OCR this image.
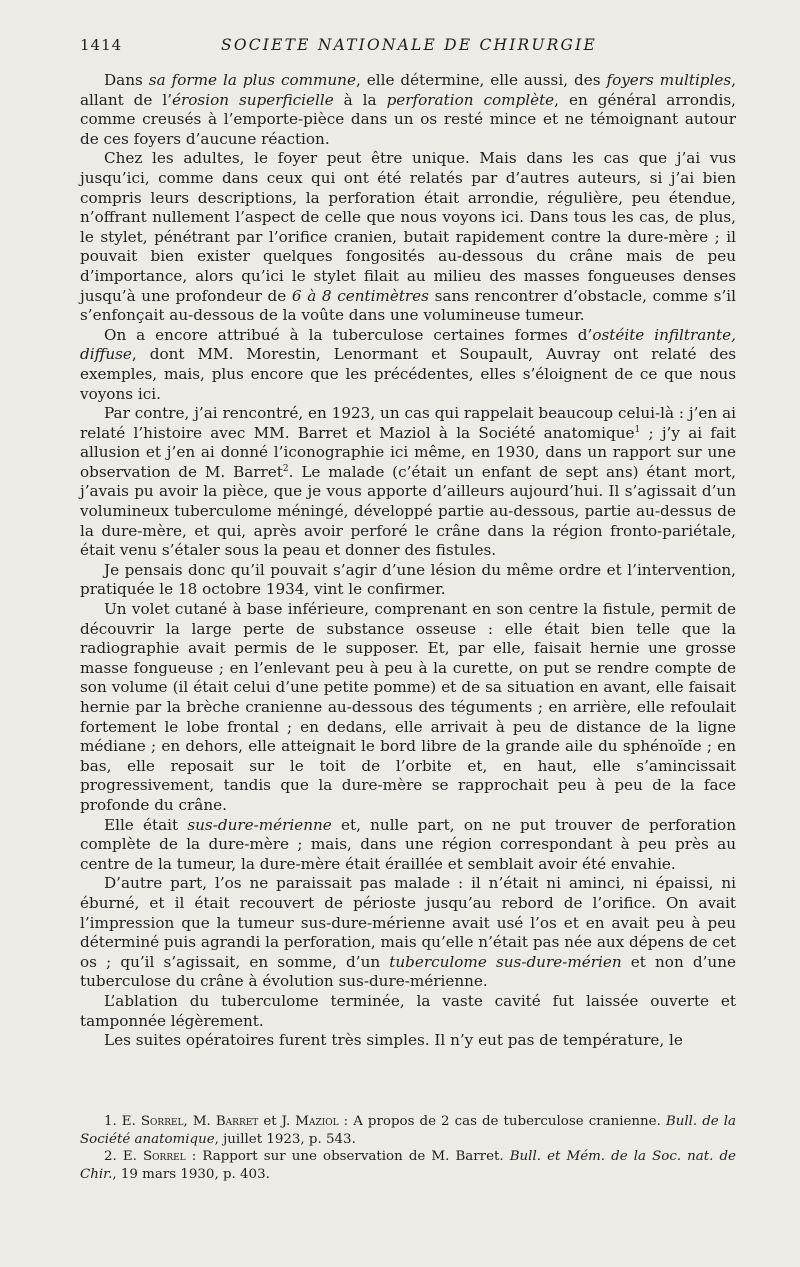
1414	SOCIETE NATIONALE DE CHIRURGIE

Dans sa forme la plus commune, elle détermine, elle aussi, des foyers multiples, allant de l’érosion superficielle à la perforation complète, en général arrondis, comme creusés à l’emporte-pièce dans un os resté mince et ne témoignant autour de ces foyers d’aucune réaction.

Chez les adultes, le foyer peut être unique. Mais dans les cas que j’ai vus jusqu’ici, comme dans ceux qui ont été relatés par d’autres auteurs, si j’ai bien compris leurs descriptions, la perforation était arrondie, régulière, peu étendue, n’offrant nullement l’aspect de celle que nous voyons ici. Dans tous les cas, de plus, le stylet, pénétrant par l’orifice cranien, butait rapidement contre la dure-mère ; il pouvait bien exister quelques fongosités au-dessous du crâne mais de peu d’importance, alors qu’ici le stylet filait au milieu des masses fongueuses denses jusqu’à une profondeur de 6 à 8 centimètres sans rencontrer d’obstacle, comme s’il s’enfonçait au-dessous de la voûte dans une volumineuse tumeur.

On a encore attribué à la tuberculose certaines formes d’ostéite infiltrante, diffuse, dont MM. Morestin, Lenormant et Soupault, Auvray ont relaté des exemples, mais, plus encore que les précédentes, elles s’éloignent de ce que nous voyons ici.

Par contre, j’ai rencontré, en 1923, un cas qui rappelait beaucoup celui-là : j’en ai relaté l’histoire avec MM. Barret et Maziol à la Société anatomique$^1$ ; j’y ai fait allusion et j’en ai donné l’iconographie ici même, en 1930, dans un rapport sur une observation de M. Barret$^2$. Le malade (c’était un enfant de sept ans) étant mort, j’avais pu avoir la pièce, que je vous apporte d’ailleurs aujourd’hui. Il s’agissait d’un volumineux tuberculome méningé, développé partie au-dessous, partie au-dessus de la dure-mère, et qui, après avoir perforé le crâne dans la région fronto-pariétale, était venu s’étaler sous la peau et donner des fistules.

Je pensais donc qu’il pouvait s’agir d’une lésion du même ordre et l’intervention, pratiquée le 18 octobre 1934, vint le confirmer.

Un volet cutané à base inférieure, comprenant en son centre la fistule, permit de découvrir la large perte de substance osseuse : elle était bien telle que la radiographie avait permis de le supposer. Et, par elle, faisait hernie une grosse masse fongueuse ; en l’enlevant peu à peu à la curette, on put se rendre compte de son volume (il était celui d’une petite pomme) et de sa situation en avant, elle faisait hernie par la brèche cranienne au-dessous des téguments ; en arrière, elle refoulait fortement le lobe frontal ; en dedans, elle arrivait à peu de distance de la ligne médiane ; en dehors, elle atteignait le bord libre de la grande aile du sphénoïde ; en bas, elle reposait sur le toit de l’orbite et, en haut, elle s’amincissait progressivement, tandis que la dure-mère se rapprochait peu à peu de la face profonde du crâne.

Elle était sus-dure-mérienne et, nulle part, on ne put trouver de perforation complète de la dure-mère ; mais, dans une région correspondant à peu près au centre de la tumeur, la dure-mère était éraillée et semblait avoir été envahie.

D’autre part, l’os ne paraissait pas malade : il n’était ni aminci, ni épaissi, ni éburné, et il était recouvert de périoste jusqu’au rebord de l’orifice. On avait l’impression que la tumeur sus-dure-mérienne avait usé l’os et en avait peu à peu déterminé puis agrandi la perforation, mais qu’elle n’était pas née aux dépens de cet os ; qu’il s’agissait, en somme, d’un tuberculome sus-dure-mérien et non d’une tuberculose du crâne à évolution sus-dure-mérienne.

L’ablation du tuberculome terminée, la vaste cavité fut laissée ouverte et tamponnée légèrement.

Les suites opératoires furent très simples. Il n’y eut pas de température, le

1. E. Sorrel, M. Barret et J. Maziol : A propos de 2 cas de tuberculose cranienne. Bull. de la Société anatomique, juillet 1923, p. 543.

2. E. Sorrel : Rapport sur une observation de M. Barret. Bull. et Mém. de la Soc. nat. de Chir., 19 mars 1930, p. 403.
